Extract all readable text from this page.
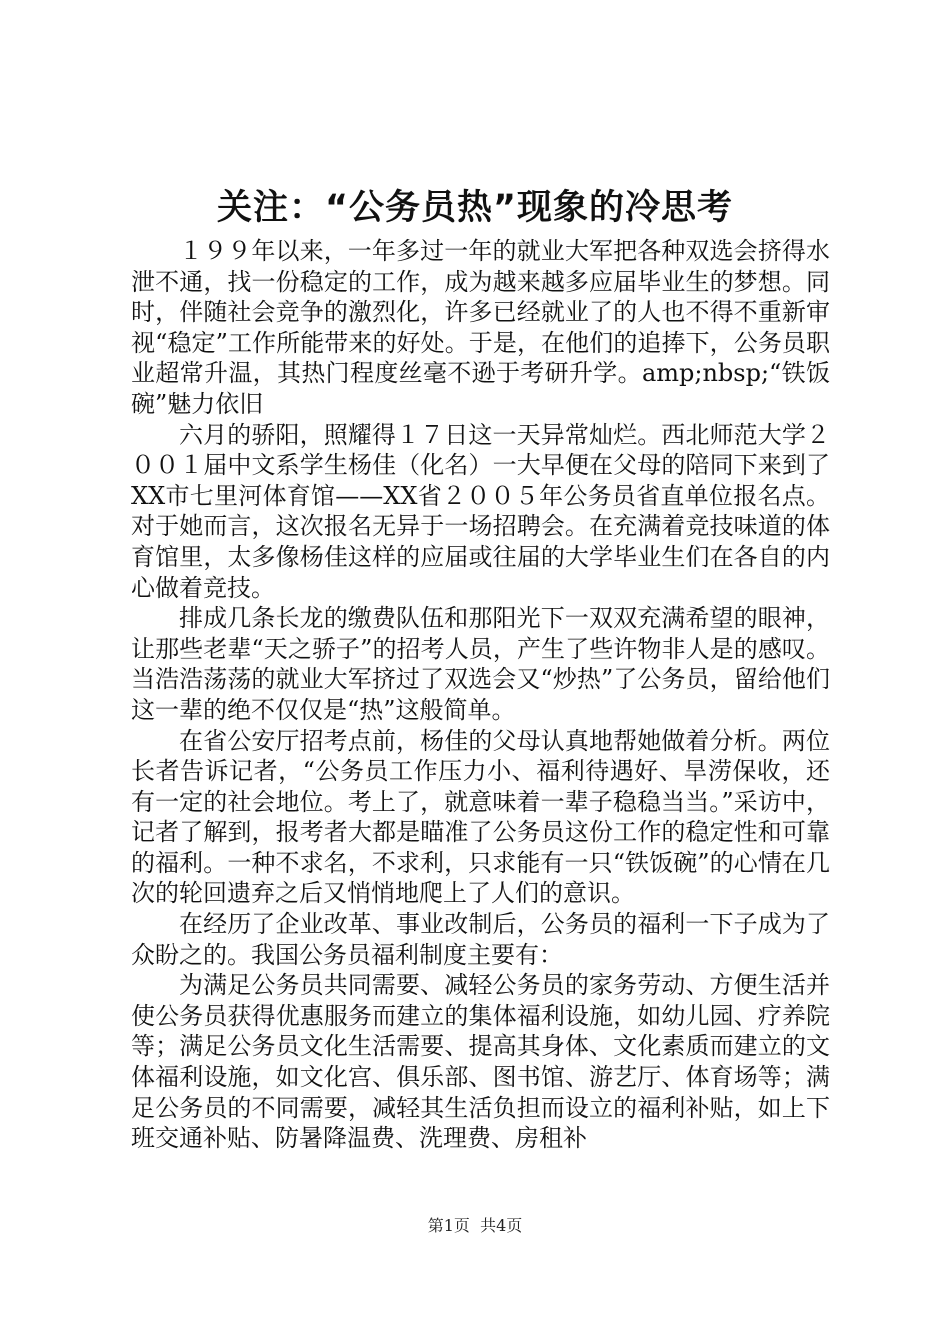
关注：“公务员热”现象的冷思考

１９９年以来，一年多过一年的就业大军把各种双选会挤得水泄不通，找一份稳定的工作，成为越来越多应届毕业生的梦想。同时，伴随社会竞争的激烈化，许多已经就业了的人也不得不重新审视“稳定”工作所能带来的好处。于是，在他们的追捧下，公务员职业超常升温，其热门程度丝毫不逊于考研升学。amp;nbsp;“铁饭碗”魅力依旧

六月的骄阳，照耀得１７日这一天异常灿烂。西北师范大学２００１届中文系学生杨佳（化名）一大早便在父母的陪同下来到了XX市七里河体育馆——XX省２００５年公务员省直单位报名点。对于她而言，这次报名无异于一场招聘会。在充满着竞技味道的体育馆里，太多像杨佳这样的应届或往届的大学毕业生们在各自的内心做着竞技。

排成几条长龙的缴费队伍和那阳光下一双双充满希望的眼神，让那些老辈“天之骄子”的招考人员，产生了些许物非人是的感叹。当浩浩荡荡的就业大军挤过了双选会又“炒热”了公务员，留给他们这一辈的绝不仅仅是“热”这般简单。

在省公安厅招考点前，杨佳的父母认真地帮她做着分析。两位长者告诉记者，“公务员工作压力小、福利待遇好、旱涝保收，还有一定的社会地位。考上了，就意味着一辈子稳稳当当。”采访中，记者了解到，报考者大都是瞄准了公务员这份工作的稳定性和可靠的福利。一种不求名，不求利，只求能有一只“铁饭碗”的心情在几次的轮回遗弃之后又悄悄地爬上了人们的意识。

在经历了企业改革、事业改制后，公务员的福利一下子成为了众盼之的。我国公务员福利制度主要有：

为满足公务员共同需要、减轻公务员的家务劳动、方便生活并使公务员获得优惠服务而建立的集体福利设施，如幼儿园、疗养院等；满足公务员文化生活需要、提高其身体、文化素质而建立的文体福利设施，如文化宫、俱乐部、图书馆、游艺厅、体育场等；满足公务员的不同需要，减轻其生活负担而设立的福利补贴，如上下班交通补贴、防暑降温费、洗理费、房租补

第1页 共4页
